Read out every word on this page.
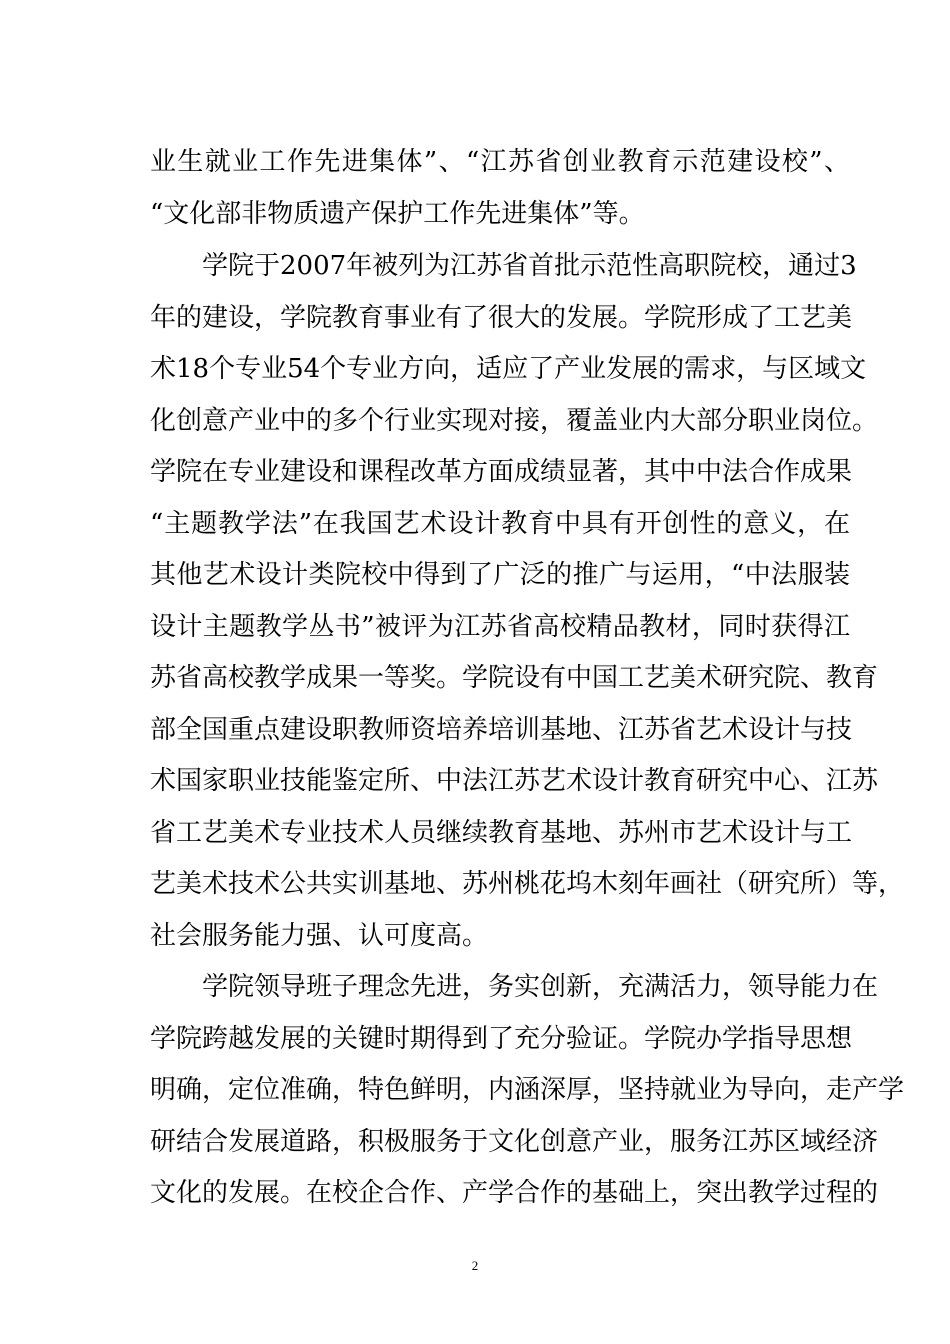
业生就业工作先进集体”、“江苏省创业教育示范建设校”、
“文化部非物质遗产保护工作先进集体”等。
　　学院于2007年被列为江苏省首批示范性高职院校，通过3
年的建设，学院教育事业有了很大的发展。学院形成了工艺美
术18个专业54个专业方向，适应了产业发展的需求，与区域文
化创意产业中的多个行业实现对接，覆盖业内大部分职业岗位。
学院在专业建设和课程改革方面成绩显著，其中中法合作成果
“主题教学法”在我国艺术设计教育中具有开创性的意义，在
其他艺术设计类院校中得到了广泛的推广与运用，“中法服装
设计主题教学丛书”被评为江苏省高校精品教材，同时获得江
苏省高校教学成果一等奖。学院设有中国工艺美术研究院、教育
部全国重点建设职教师资培养培训基地、江苏省艺术设计与技
术国家职业技能鉴定所、中法江苏艺术设计教育研究中心、江苏
省工艺美术专业技术人员继续教育基地、苏州市艺术设计与工
艺美术技术公共实训基地、苏州桃花坞木刻年画社（研究所）等，
社会服务能力强、认可度高。
　　学院领导班子理念先进，务实创新，充满活力，领导能力在
学院跨越发展的关键时期得到了充分验证。学院办学指导思想
明确，定位准确，特色鲜明，内涵深厚，坚持就业为导向，走产学
研结合发展道路，积极服务于文化创意产业，服务江苏区域经济
文化的发展。在校企合作、产学合作的基础上，突出教学过程的
2
